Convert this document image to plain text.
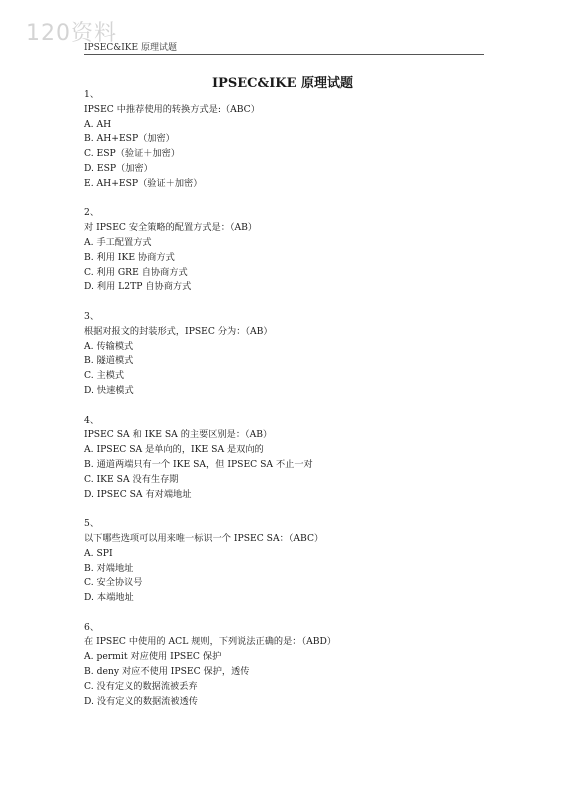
120资料
IPSEC&IKE 原理试题
IPSEC&IKE 原理试题
1、
IPSEC 中推荐使用的转换方式是:（ABC）
A. AH
B. AH+ESP（加密）
C. ESP（验证＋加密）
D. ESP（加密）
E. AH+ESP（验证＋加密）
2、
对 IPSEC 安全策略的配置方式是：（AB）
A. 手工配置方式
B. 利用 IKE 协商方式
C. 利用 GRE 自协商方式
D. 利用 L2TP 自协商方式
3、
根据对报文的封装形式，IPSEC 分为：（AB）
A. 传输模式
B. 隧道模式
C. 主模式
D. 快速模式
4、
IPSEC SA 和 IKE SA 的主要区别是：（AB）
A. IPSEC SA 是单向的，IKE SA 是双向的
B. 通道两端只有一个 IKE SA，但 IPSEC SA 不止一对
C. IKE SA 没有生存期
D. IPSEC SA 有对端地址
5、
以下哪些选项可以用来唯一标识一个 IPSEC SA：（ABC）
A. SPI
B. 对端地址
C. 安全协议号
D. 本端地址
6、
在 IPSEC 中使用的 ACL 规则，下列说法正确的是：（ABD）
A. permit 对应使用 IPSEC 保护
B. deny 对应不使用 IPSEC 保护，透传
C. 没有定义的数据流被丢弃
D. 没有定义的数据流被透传
